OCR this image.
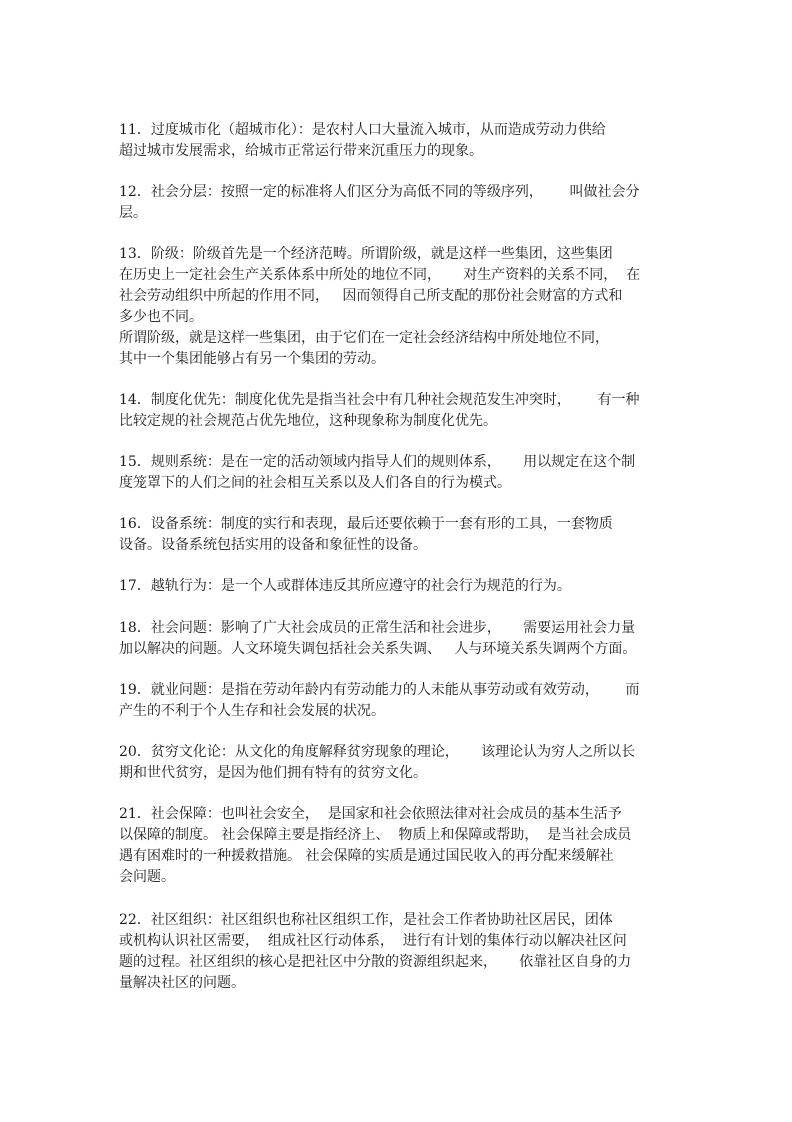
11．过度城市化（超城市化）：是农村人口大量流入城市，从而造成劳动力供给
超过城市发展需求，给城市正常运行带来沉重压力的现象。
12．社会分层：按照一定的标准将人们区分为高低不同的等级序列，      叫做社会分
层。
13．阶级：阶级首先是一个经济范畴。所谓阶级，就是这样一些集团，这些集团
在历史上一定社会生产关系体系中所处的地位不同，     对生产资料的关系不同，  在
社会劳动组织中所起的作用不同，   因而领得自己所支配的那份社会财富的方式和
多少也不同。
所谓阶级，就是这样一些集团，由于它们在一定社会经济结构中所处地位不同，
其中一个集团能够占有另一个集团的劳动。
14．制度化优先：制度化优先是指当社会中有几种社会规范发生冲突时，      有一种
比较定规的社会规范占优先地位，这种现象称为制度化优先。
15．规则系统：是在一定的活动领域内指导人们的规则体系，     用以规定在这个制
度笼罩下的人们之间的社会相互关系以及人们各自的行为模式。
16．设备系统：制度的实行和表现，最后还要依赖于一套有形的工具，一套物质
设备。设备系统包括实用的设备和象征性的设备。
17．越轨行为：是一个人或群体违反其所应遵守的社会行为规范的行为。
18．社会问题：影响了广大社会成员的正常生活和社会进步，     需要运用社会力量
加以解决的问题。人文环境失调包括社会关系失调、   人与环境关系失调两个方面。
19．就业问题：是指在劳动年龄内有劳动能力的人未能从事劳动或有效劳动，      而
产生的不利于个人生存和社会发展的状况。
20．贫穷文化论：从文化的角度解释贫穷现象的理论，     该理论认为穷人之所以长
期和世代贫穷，是因为他们拥有特有的贫穷文化。
21．社会保障：也叫社会安全，  是国家和社会依照法律对社会成员的基本生活予
以保障的制度。 社会保障主要是指经济上、  物质上和保障或帮助，  是当社会成员
遇有困难时的一种援救措施。 社会保障的实质是通过国民收入的再分配来缓解社
会问题。
22．社区组织：社区组织也称社区组织工作，是社会工作者协助社区居民，团体
或机构认识社区需要，  组成社区行动体系，  进行有计划的集体行动以解决社区问
题的过程。社区组织的核心是把社区中分散的资源组织起来，     依靠社区自身的力
量解决社区的问题。
